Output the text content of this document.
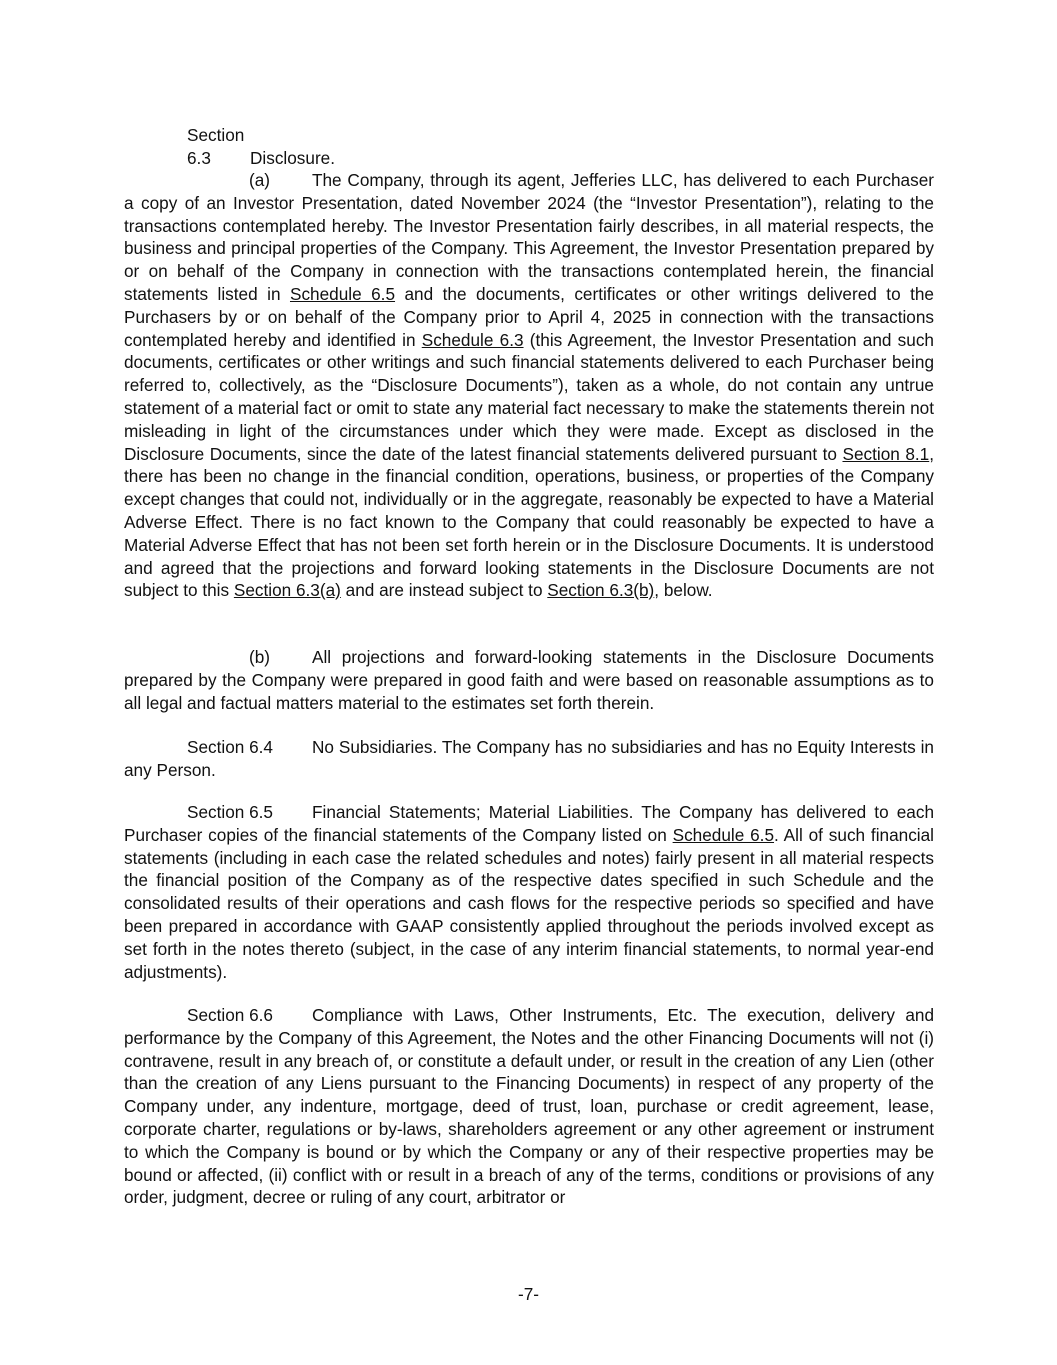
Section 6.3 Disclosure.

(a) The Company, through its agent, Jefferies LLC, has delivered to each Purchaser a copy of an Investor Presentation, dated November 2024 (the “Investor Presentation”), relating to the transactions contemplated hereby. The Investor Presentation fairly describes, in all material respects, the business and principal properties of the Company. This Agreement, the Investor Presentation prepared by or on behalf of the Company in connection with the transactions contemplated herein, the financial statements listed in Schedule 6.5 and the documents, certificates or other writings delivered to the Purchasers by or on behalf of the Company prior to April 4, 2025 in connection with the transactions contemplated hereby and identified in Schedule 6.3 (this Agreement, the Investor Presentation and such documents, certificates or other writings and such financial statements delivered to each Purchaser being referred to, collectively, as the “Disclosure Documents”), taken as a whole, do not contain any untrue statement of a material fact or omit to state any material fact necessary to make the statements therein not misleading in light of the circumstances under which they were made. Except as disclosed in the Disclosure Documents, since the date of the latest financial statements delivered pursuant to Section 8.1, there has been no change in the financial condition, operations, business, or properties of the Company except changes that could not, individually or in the aggregate, reasonably be expected to have a Material Adverse Effect. There is no fact known to the Company that could reasonably be expected to have a Material Adverse Effect that has not been set forth herein or in the Disclosure Documents. It is understood and agreed that the projections and forward looking statements in the Disclosure Documents are not subject to this Section 6.3(a) and are instead subject to Section 6.3(b), below.

(b) All projections and forward-looking statements in the Disclosure Documents prepared by the Company were prepared in good faith and were based on reasonable assumptions as to all legal and factual matters material to the estimates set forth therein.

Section 6.4 No Subsidiaries. The Company has no subsidiaries and has no Equity Interests in any Person.

Section 6.5 Financial Statements; Material Liabilities. The Company has delivered to each Purchaser copies of the financial statements of the Company listed on Schedule 6.5. All of such financial statements (including in each case the related schedules and notes) fairly present in all material respects the financial position of the Company as of the respective dates specified in such Schedule and the consolidated results of their operations and cash flows for the respective periods so specified and have been prepared in accordance with GAAP consistently applied throughout the periods involved except as set forth in the notes thereto (subject, in the case of any interim financial statements, to normal year-end adjustments).

Section 6.6 Compliance with Laws, Other Instruments, Etc. The execution, delivery and performance by the Company of this Agreement, the Notes and the other Financing Documents will not (i) contravene, result in any breach of, or constitute a default under, or result in the creation of any Lien (other than the creation of any Liens pursuant to the Financing Documents) in respect of any property of the Company under, any indenture, mortgage, deed of trust, loan, purchase or credit agreement, lease, corporate charter, regulations or by-laws, shareholders agreement or any other agreement or instrument to which the Company is bound or by which the Company or any of their respective properties may be bound or affected, (ii) conflict with or result in a breach of any of the terms, conditions or provisions of any order, judgment, decree or ruling of any court, arbitrator or

-7-
